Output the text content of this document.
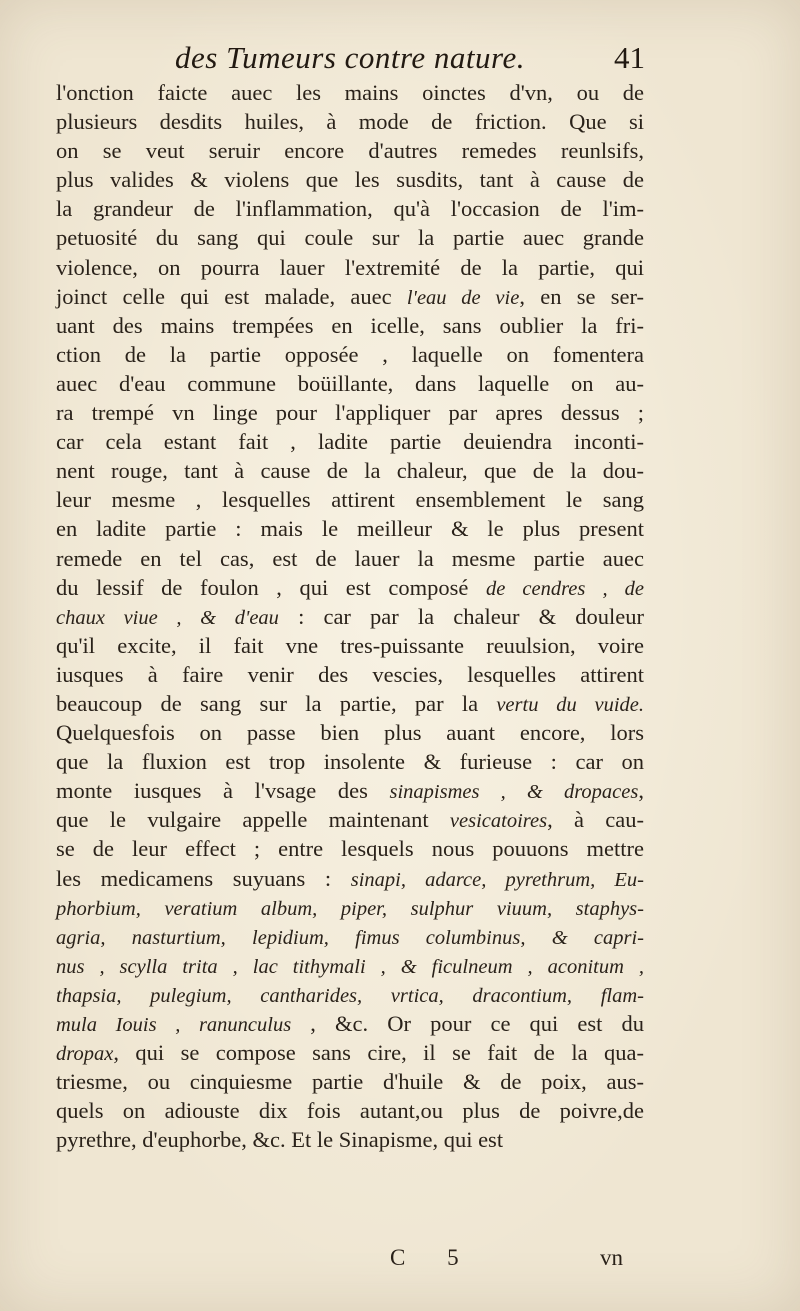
des Tumeurs contre nature.	41
l'onction faicte auec les mains oinctes d'vn, ou de
plusieurs desdits huiles, à mode de friction. Que si
on se veut seruir encore d'autres remedes reunlsifs,
plus valides & violens que les susdits, tant à cause de
la grandeur de l'inflammation, qu'à l'occasion de l'im-
petuosité du sang qui coule sur la partie auec grande
violence, on pourra lauer l'extremité de la partie, qui
joinct celle qui est malade, auec l'eau de vie, en se ser-
uant des mains trempées en icelle, sans oublier la fri-
ction de la partie opposée , laquelle on fomentera
auec d'eau commune boüillante, dans laquelle on au-
ra trempé vn linge pour l'appliquer par apres dessus ;
car cela estant fait , ladite partie deuiendra inconti-
nent rouge, tant à cause de la chaleur, que de la dou-
leur mesme , lesquelles attirent ensemblement le sang
en ladite partie : mais le meilleur & le plus present
remede en tel cas, est de lauer la mesme partie auec
du lessif de foulon , qui est composé de cendres , de
chaux viue , & d'eau : car par la chaleur & douleur
qu'il excite, il fait vne tres-puissante reuulsion, voire
iusques à faire venir des vescies, lesquelles attirent
beaucoup de sang sur la partie, par la vertu du vuide.
Quelquesfois on passe bien plus auant encore, lors
que la fluxion est trop insolente & furieuse : car on
monte iusques à l'vsage des sinapismes , & dropaces,
que le vulgaire appelle maintenant vesicatoires, à cau-
se de leur effect ; entre lesquels nous pouuons mettre
les medicamens suyuans : sinapi, adarce, pyrethrum, Eu-
phorbium, veratium album, piper, sulphur viuum, staphys-
agria, nasturtium, lepidium, fimus columbinus, & capri-
nus , scylla trita , lac tithymali , & ficulneum , aconitum ,
thapsia, pulegium, cantharides, vrtica, dracontium, flam-
mula Iouis , ranunculus , &c. Or pour ce qui est du
dropax, qui se compose sans cire, il se fait de la qua-
triesme, ou cinquiesme partie d'huile & de poix, aus-
quels on adiouste dix fois autant,ou plus de poivre,de
pyrethre, d'euphorbe, &c. Et le Sinapisme, qui est
C 5	vn
